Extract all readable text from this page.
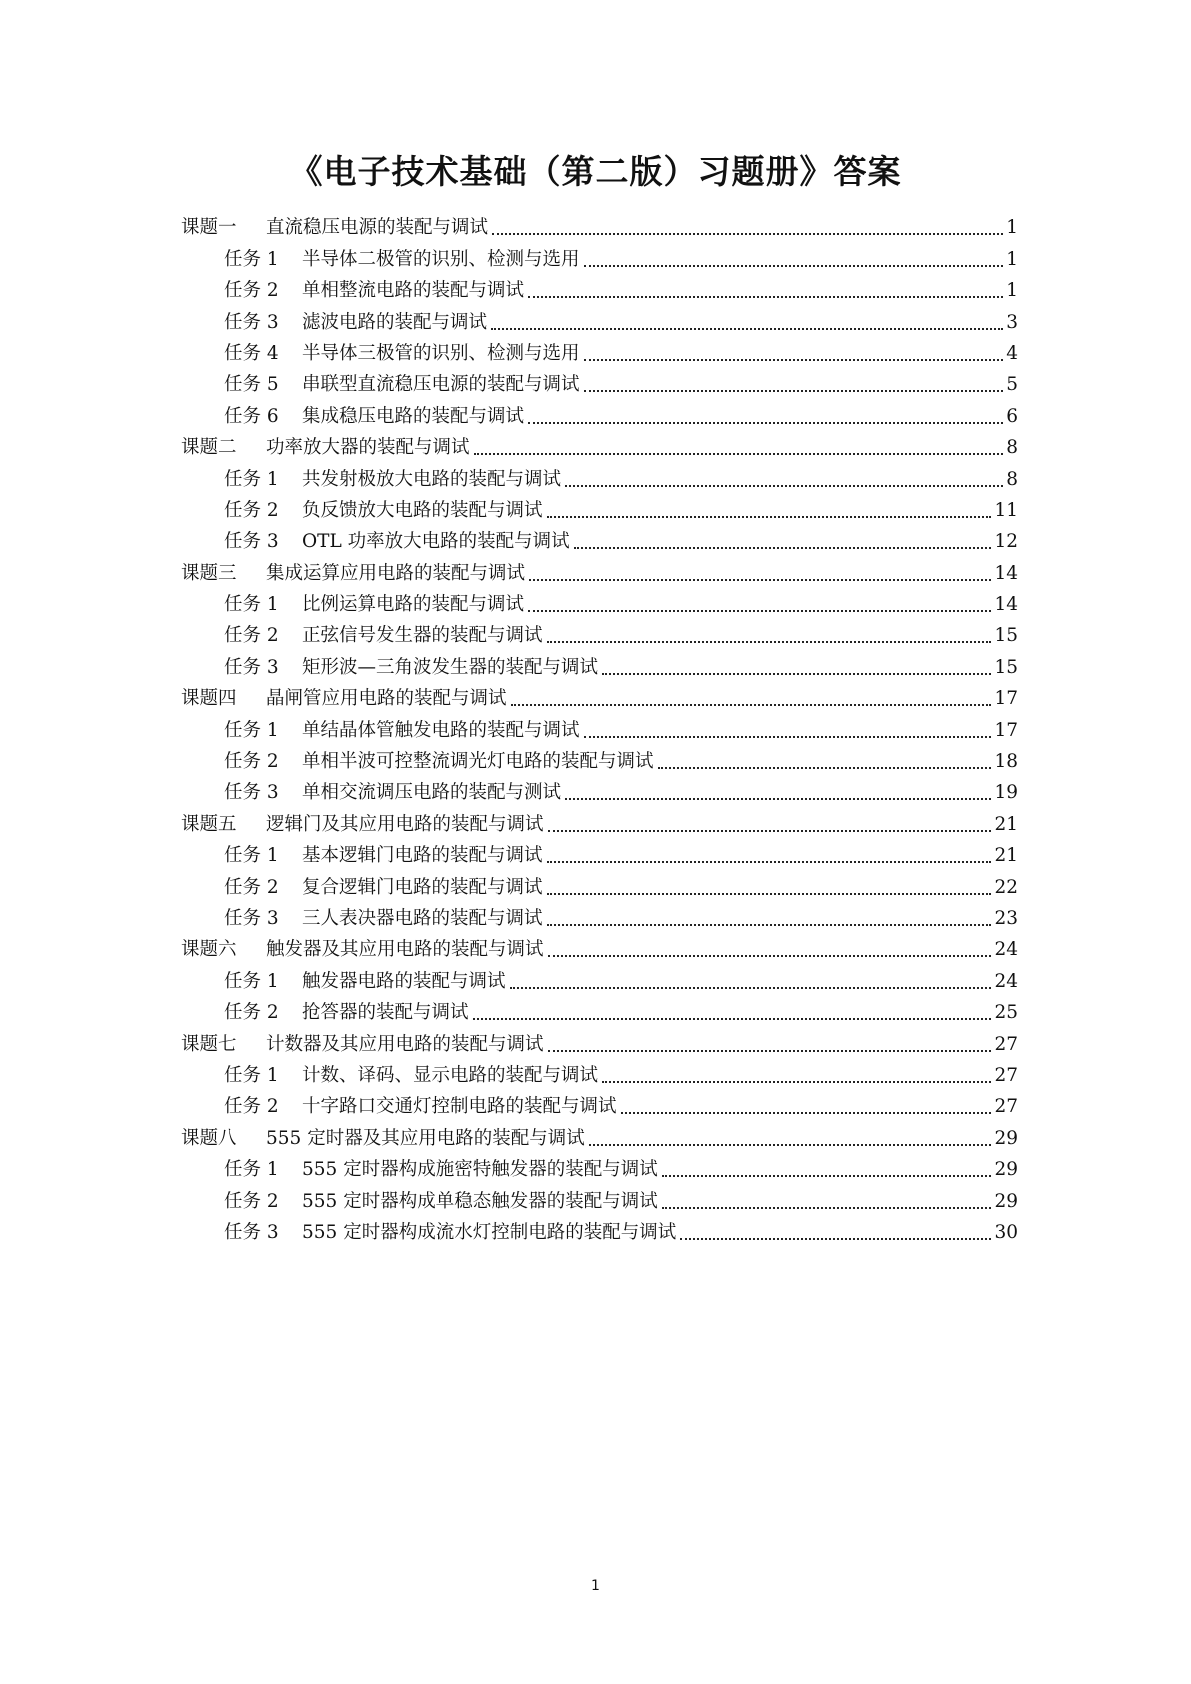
《电子技术基础（第二版）习题册》答案
课题一	直流稳压电源的装配与调试	1
任务 1	半导体二极管的识别、检测与选用	1
任务 2	单相整流电路的装配与调试	1
任务 3	滤波电路的装配与调试	3
任务 4	半导体三极管的识别、检测与选用	4
任务 5	串联型直流稳压电源的装配与调试	5
任务 6	集成稳压电路的装配与调试	6
课题二	功率放大器的装配与调试	8
任务 1	共发射极放大电路的装配与调试	8
任务 2	负反馈放大电路的装配与调试	11
任务 3	OTL 功率放大电路的装配与调试	12
课题三	集成运算应用电路的装配与调试	14
任务 1	比例运算电路的装配与调试	14
任务 2	正弦信号发生器的装配与调试	15
任务 3	矩形波—三角波发生器的装配与调试	15
课题四	晶闸管应用电路的装配与调试	17
任务 1	单结晶体管触发电路的装配与调试	17
任务 2	单相半波可控整流调光灯电路的装配与调试	18
任务 3	单相交流调压电路的装配与测试	19
课题五	逻辑门及其应用电路的装配与调试	21
任务 1	基本逻辑门电路的装配与调试	21
任务 2	复合逻辑门电路的装配与调试	22
任务 3	三人表决器电路的装配与调试	23
课题六	触发器及其应用电路的装配与调试	24
任务 1	触发器电路的装配与调试	24
任务 2	抢答器的装配与调试	25
课题七	计数器及其应用电路的装配与调试	27
任务 1	计数、译码、显示电路的装配与调试	27
任务 2	十字路口交通灯控制电路的装配与调试	27
课题八	555 定时器及其应用电路的装配与调试	29
任务 1	555 定时器构成施密特触发器的装配与调试	29
任务 2	555 定时器构成单稳态触发器的装配与调试	29
任务 3	555 定时器构成流水灯控制电路的装配与调试	30
1
